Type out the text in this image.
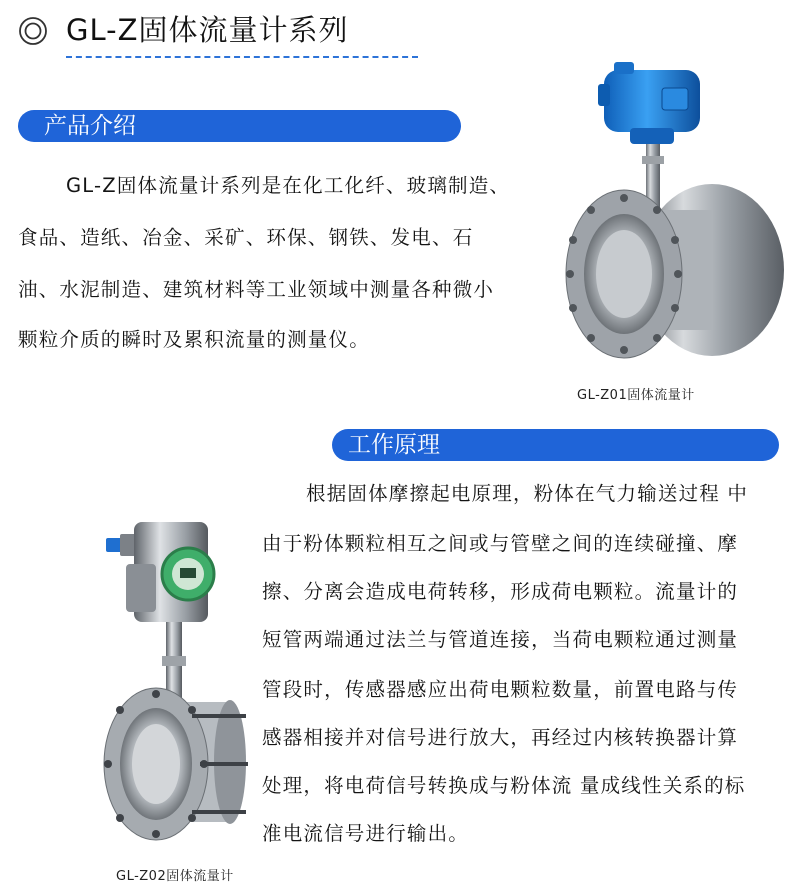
GL-Z固体流量计系列
产品介绍
GL-Z固体流量计系列是在化工化纤、玻璃制造、
食品、造纸、冶金、采矿、环保、钢铁、发电、石
油、水泥制造、建筑材料等工业领域中测量各种微小
颗粒介质的瞬时及累积流量的测量仪。
GL-Z01固体流量计
工作原理
根据固体摩擦起电原理，粉体在气力输送过程 中
由于粉体颗粒相互之间或与管壁之间的连续碰撞、摩
擦、分离会造成电荷转移，形成荷电颗粒。流量计的
短管两端通过法兰与管道连接，当荷电颗粒通过测量
管段时，传感器感应出荷电颗粒数量，前置电路与传
感器相接并对信号进行放大，再经过内核转换器计算
处理，将电荷信号转换成与粉体流 量成线性关系的标
准电流信号进行输出。
GL-Z02固体流量计
